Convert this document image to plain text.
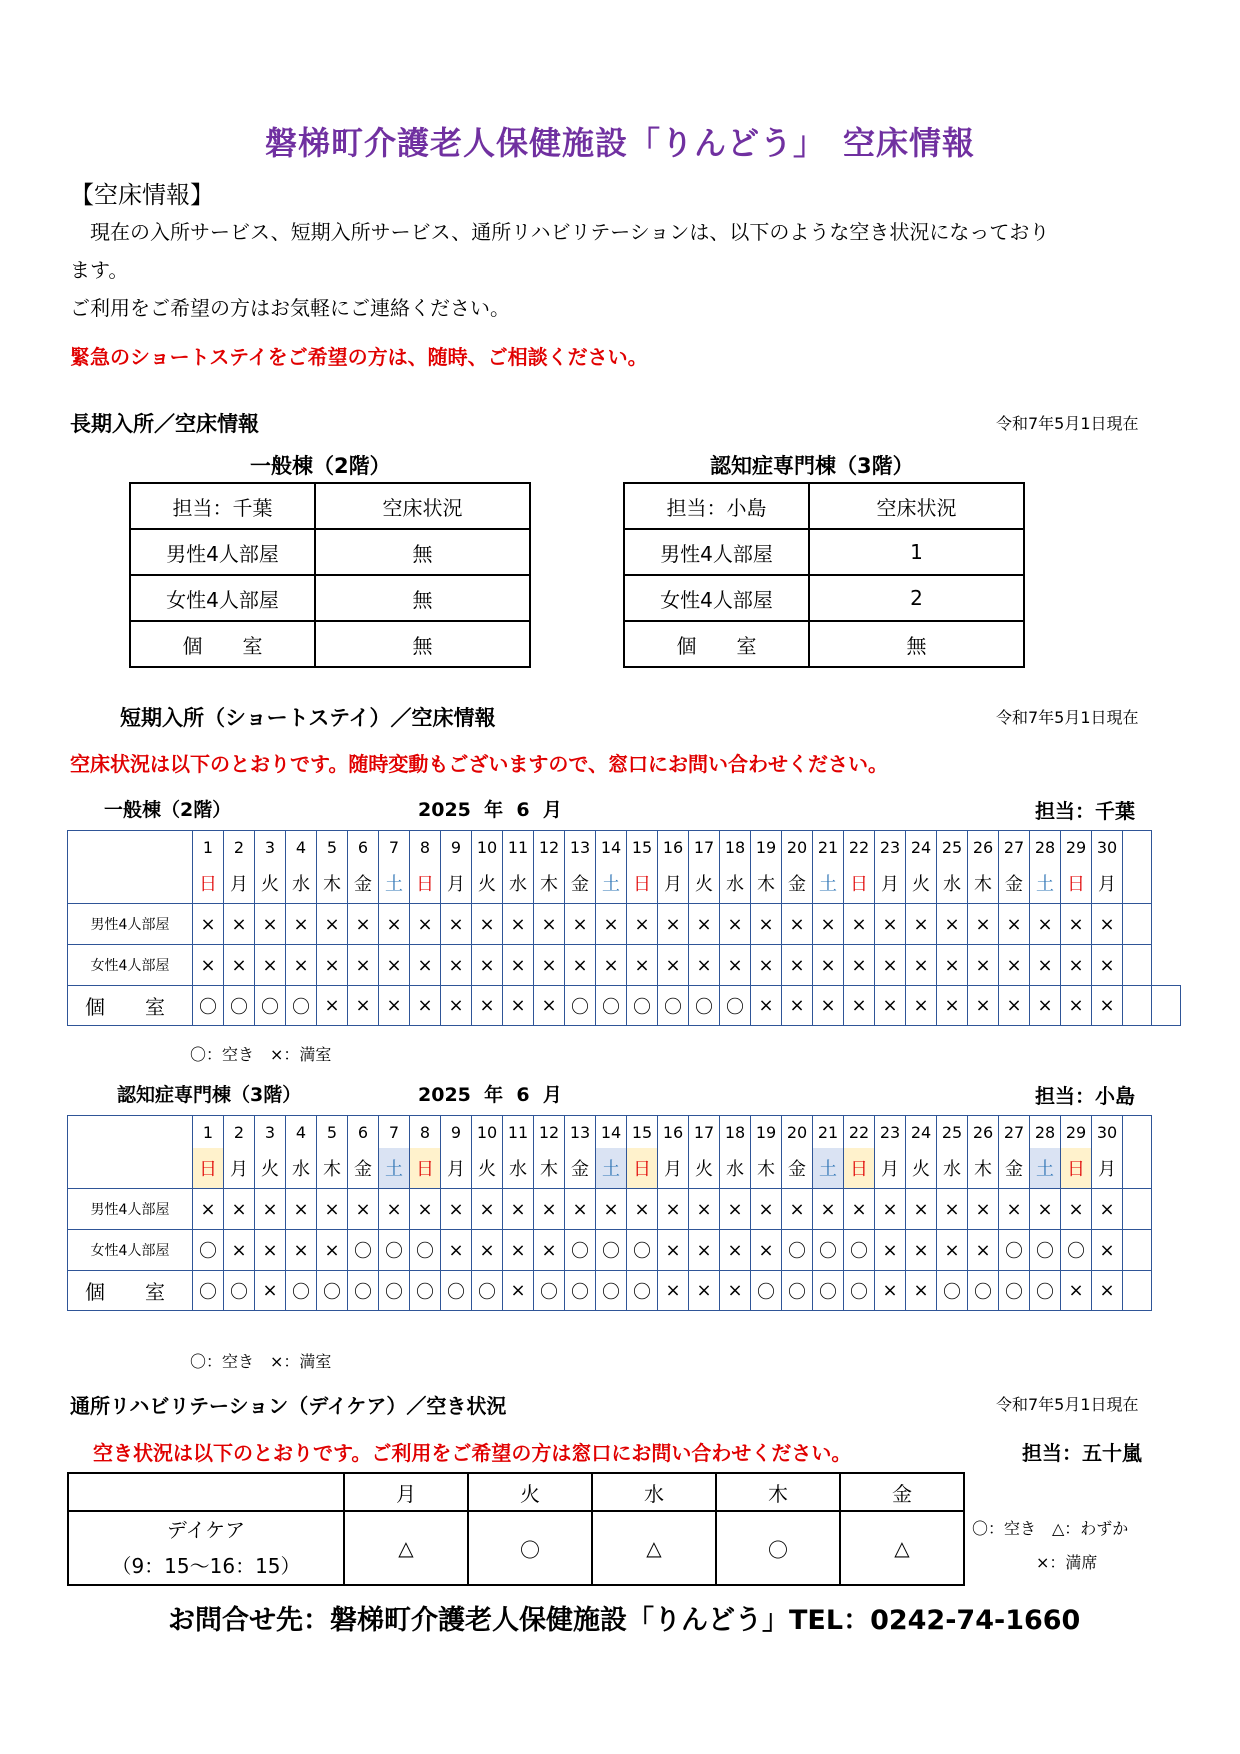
磐梯町介護老人保健施設「りんどう」　空床情報
【空床情報】
　現在の入所サービス、短期入所サービス、通所リハビリテーションは、以下のような空き状況になっており
ます。
ご利用をご希望の方はお気軽にご連絡ください。
緊急のショートステイをご希望の方は、随時、ご相談ください。
長期入所／空床情報	令和7年5月1日現在
一般棟（2階）
担当：千葉	空床状況
男性4人部屋	無
女性4人部屋	無
個　　室	無
認知症専門棟（3階）
担当：小島	空床状況
男性4人部屋	1
女性4人部屋	2
個　　室	無
短期入所（ショートステイ）／空床情報	令和7年5月1日現在
空床状況は以下のとおりです。随時変動もございますので、窓口にお問い合わせください。
一般棟（2階）	2025 年 6 月	担当：千葉
	1	2	3	4	5	6	7	8	9	10	11	12	13	14	15	16	17	18	19	20	21	22	23	24	25	26	27	28	29	30		
	日	月	火	水	木	金	土	日	月	火	水	木	金	土	日	月	火	水	木	金	土	日	月	火	水	木	金	土	日	月		
男性4人部屋	×	×	×	×	×	×	×	×	×	×	×	×	×	×	×	×	×	×	×	×	×	×	×	×	×	×	×	×	×	×		
女性4人部屋	×	×	×	×	×	×	×	×	×	×	×	×	×	×	×	×	×	×	×	×	×	×	×	×	×	×	×	×	×	×		
個　室	〇	〇	〇	〇	×	×	×	×	×	×	×	×	〇	〇	〇	〇	〇	〇	×	×	×	×	×	×	×	×	×	×	×	×		
〇：空き　×：満室
認知症専門棟（3階）	2025 年 6 月	担当：小島
	1	2	3	4	5	6	7	8	9	10	11	12	13	14	15	16	17	18	19	20	21	22	23	24	25	26	27	28	29	30		
	日	月	火	水	木	金	土	日	月	火	水	木	金	土	日	月	火	水	木	金	土	日	月	火	水	木	金	土	日	月		
男性4人部屋	×	×	×	×	×	×	×	×	×	×	×	×	×	×	×	×	×	×	×	×	×	×	×	×	×	×	×	×	×	×		
女性4人部屋	〇	×	×	×	×	〇	〇	〇	×	×	×	×	〇	〇	〇	×	×	×	×	〇	〇	〇	×	×	×	×	〇	〇	〇	×		
個　室	〇	〇	×	〇	〇	〇	〇	〇	〇	〇	×	〇	〇	〇	〇	×	×	×	〇	〇	〇	〇	×	×	〇	〇	〇	〇	×	×		
〇：空き　×：満室
通所リハビリテーション（デイケア）／空き状況	令和7年5月1日現在
空き状況は以下のとおりです。ご利用をご希望の方は窓口にお問い合わせください。	担当：五十嵐
	月	火	水	木	金

デイケア
（9：15～16：15）	△	〇	△	〇	△
〇：空き　△：わずか
×：満席
お問合せ先：磐梯町介護老人保健施設「りんどう」TEL：0242-74-1660
